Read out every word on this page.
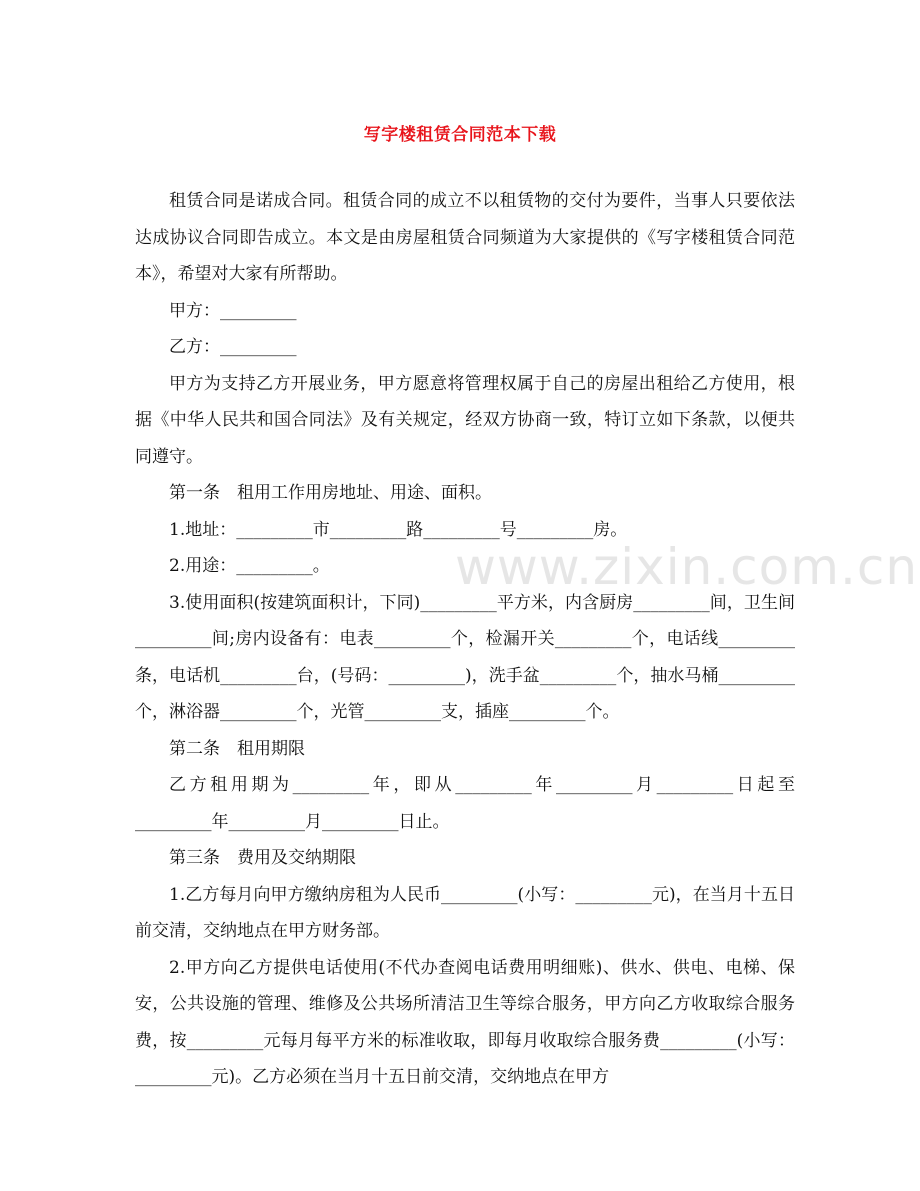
www.zixin.com.cn
写字楼租赁合同范本下载

租赁合同是诺成合同。租赁合同的成立不以租赁物的交付为要件，当事人只要依法达成协议合同即告成立。本文是由房屋租赁合同频道为大家提供的《写字楼租赁合同范本》，希望对大家有所帮助。

甲方：_________

乙方：_________

甲方为支持乙方开展业务，甲方愿意将管理权属于自己的房屋出租给乙方使用，根据《中华人民共和国合同法》及有关规定，经双方协商一致，特订立如下条款，以便共同遵守。

第一条　租用工作用房地址、用途、面积。

1.地址：_________市_________路_________号_________房。

2.用途：_________。

3.使用面积(按建筑面积计，下同)_________平方米，内含厨房_________间，卫生间_________间;房内设备有：电表_________个，检漏开关_________个，电话线_________条，电话机_________台，(号码：_________)，洗手盆_________个，抽水马桶_________个，淋浴器_________个，光管_________支，插座_________个。

第二条　租用期限

乙方租用期为_________年，即从_________年_________月_________日起至_________年_________月_________日止。

第三条　费用及交纳期限

1.乙方每月向甲方缴纳房租为人民币_________(小写：_________元)，在当月十五日前交清，交纳地点在甲方财务部。

2.甲方向乙方提供电话使用(不代办查阅电话费用明细账)、供水、供电、电梯、保安，公共设施的管理、维修及公共场所清洁卫生等综合服务，甲方向乙方收取综合服务费，按_________元每月每平方米的标准收取，即每月收取综合服务费_________(小写：_________元)。乙方必须在当月十五日前交清，交纳地点在甲方
